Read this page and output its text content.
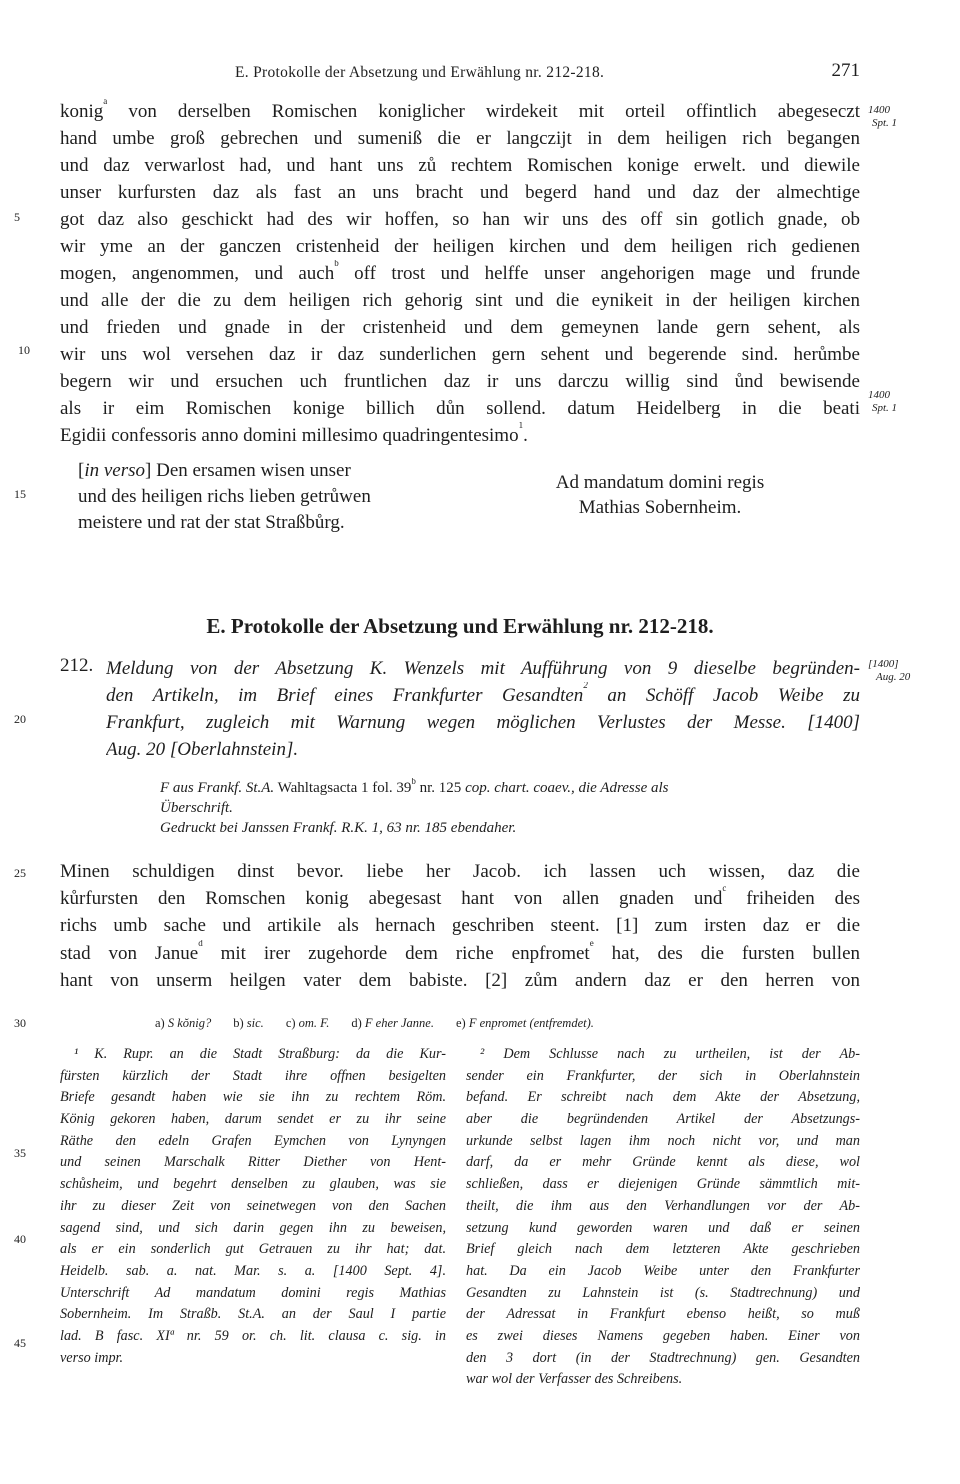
E. Protokolle der Absetzung und Erwählung nr. 212-218.	271
konig$^a$ von derselben Romischen koniglicher wirdekeit mit orteil offintlich abegeseczt
hand umbe groß gebrechen und sumeniß die er langczijt in dem heiligen rich begangen
und daz verwarlost had, und hant uns zů rechtem Romischen konige erwelt. und diewile
unser kurfursten daz als fast an uns bracht und begerd hand und daz der almechtige
got daz also geschickt had des wir hoffen, so han wir uns des off sin gotlich gnade, ob
wir yme an der ganczen cristenheid der heiligen kirchen und dem heiligen rich gedienen
mogen, angenommen, und auch$^b$ off trost und helffe unser angehorigen mage und frunde
und alle der die zu dem heiligen rich gehorig sint und die eynikeit in der heiligen kirchen
und frieden und gnade in der cristenheid und dem gemeynen lande gern sehent, als
wir uns wol versehen daz ir daz sunderlichen gern sehent und begerende sind. herůmbe
begern wir und ersuchen uch fruntlichen daz ir uns darczu willig sind ůnd bewisende
als ir eim Romischen konige billich důn sollend. datum Heidelberg in die beati
Egidii confessoris anno domini millesimo quadringentesimo$^1$.
1400
Spt. 1
1400
Spt. 1
[1400]
Aug. 20
5
10
15
20
25
30
35
40
45
[in verso] Den ersamen wisen unser
und des heiligen richs lieben getrůwen
meistere und rat der stat Straßbůrg.
Ad mandatum domini regis
Mathias Sobernheim.
E. Protokolle der Absetzung und Erwählung nr. 212-218.
212. Meldung von der Absetzung K. Wenzels mit Aufführung von 9 dieselbe begründen-
den Artikeln, im Brief eines Frankfurter Gesandten$^2$ an Schöff Jacob Weibe zu
Frankfurt, zugleich mit Warnung wegen möglichen Verlustes der Messe. [1400]
Aug. 20 [Oberlahnstein].
F aus Frankf. St.A. Wahltagsacta 1 fol. 39$^b$ nr. 125 cop. chart. coaev., die Adresse als
Überschrift.
Gedruckt bei Janssen Frankf. R.K. 1, 63 nr. 185 ebendaher.
Minen schuldigen dinst bevor. liebe her Jacob. ich lassen uch wissen, daz die
kůrfursten den Romschen konig abegesast hant von allen gnaden und$^c$ friheiden des
richs umb sache und artikile als hernach geschriben steent. [1] zum irsten daz er die
stad von Janue$^d$ mit irer zugehorde dem riche enpfromet$^e$ hat, des die fursten bullen
hant von unserm heilgen vater dem babiste. [2] zům andern daz er den herren von
a) S kŏnig? b) sic. c) om. F. d) F eher Janne. e) F enpromet (entfremdet).
¹ K. Rupr. an die Stadt Straßburg: da die Kur-
fürsten kürzlich der Stadt ihre offnen besigelten
Briefe gesandt haben wie sie ihn zu rechtem Röm.
König gekoren haben, darum sendet er zu ihr seine
Räthe den edeln Grafen Eymchen von Lynyngen
und seinen Marschalk Ritter Diether von Hent-
schůsheim, und begehrt denselben zu glauben, was sie
ihr zu dieser Zeit von seinetwegen von den Sachen
sagend sind, und sich darin gegen ihn zu beweisen,
als er ein sonderlich gut Getrauen zu ihr hat; dat.
Heidelb. sab. a. nat. Mar. s. a. [1400 Sept. 4].
Unterschrift Ad mandatum domini regis Mathias
Sobernheim. Im Straßb. St.A. an der Saul I partie
lad. B fasc. XIª nr. 59 or. ch. lit. clausa c. sig. in
verso impr.
² Dem Schlusse nach zu urtheilen, ist der Ab-
sender ein Frankfurter, der sich in Oberlahnstein
befand. Er schreibt nach dem Akte der Absetzung,
aber die begründenden Artikel der Absetzungs-
urkunde selbst lagen ihm noch nicht vor, und man
darf, da er mehr Gründe kennt als diese, wol
schließen, dass er diejenigen Gründe sämmtlich mit-
theilt, die ihm aus den Verhandlungen vor der Ab-
setzung kund geworden waren und daß er seinen
Brief gleich nach dem letzteren Akte geschrieben
hat. Da ein Jacob Weibe unter den Frankfurter
Gesandten zu Lahnstein ist (s. Stadtrechnung) und
der Adressat in Frankfurt ebenso heißt, so muß
es zwei dieses Namens gegeben haben. Einer von
den 3 dort (in der Stadtrechnung) gen. Gesandten
war wol der Verfasser des Schreibens.
